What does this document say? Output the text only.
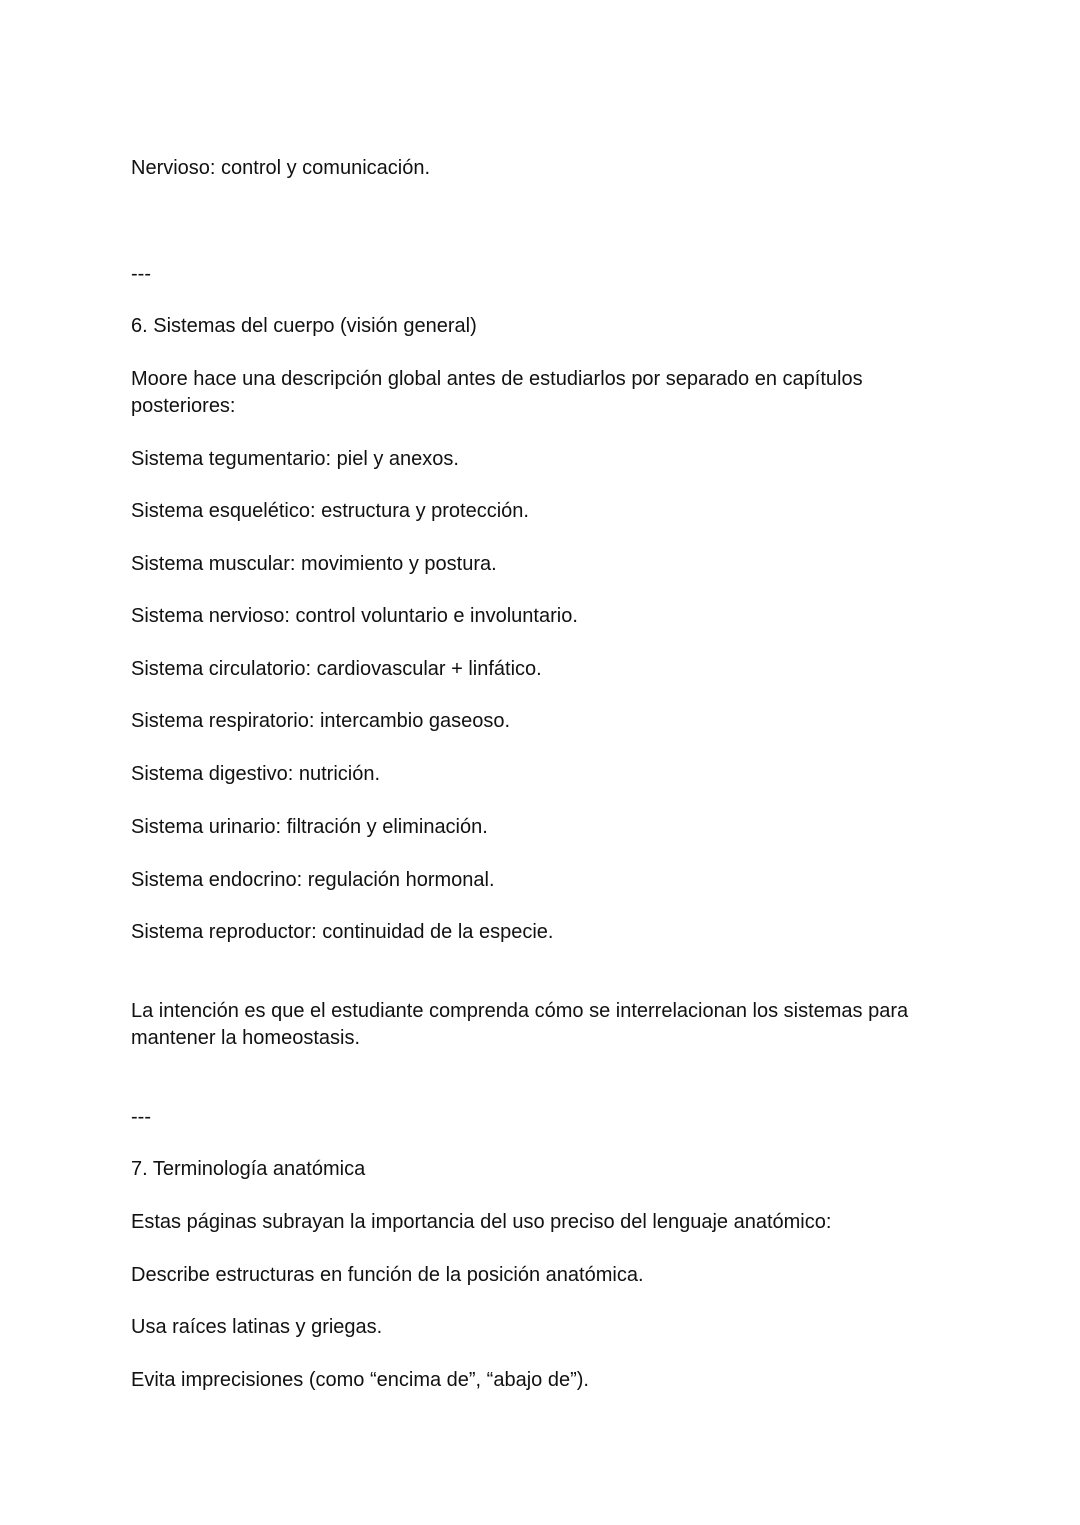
Nervioso: control y comunicación.

---

6. Sistemas del cuerpo (visión general)

Moore hace una descripción global antes de estudiarlos por separado en capítulos posteriores:

Sistema tegumentario: piel y anexos.

Sistema esquelético: estructura y protección.

Sistema muscular: movimiento y postura.

Sistema nervioso: control voluntario e involuntario.

Sistema circulatorio: cardiovascular + linfático.

Sistema respiratorio: intercambio gaseoso.

Sistema digestivo: nutrición.

Sistema urinario: filtración y eliminación.

Sistema endocrino: regulación hormonal.

Sistema reproductor: continuidad de la especie.

La intención es que el estudiante comprenda cómo se interrelacionan los sistemas para mantener la homeostasis.

---

7. Terminología anatómica

Estas páginas subrayan la importancia del uso preciso del lenguaje anatómico:

Describe estructuras en función de la posición anatómica.

Usa raíces latinas y griegas.

Evita imprecisiones (como “encima de”, “abajo de”).
